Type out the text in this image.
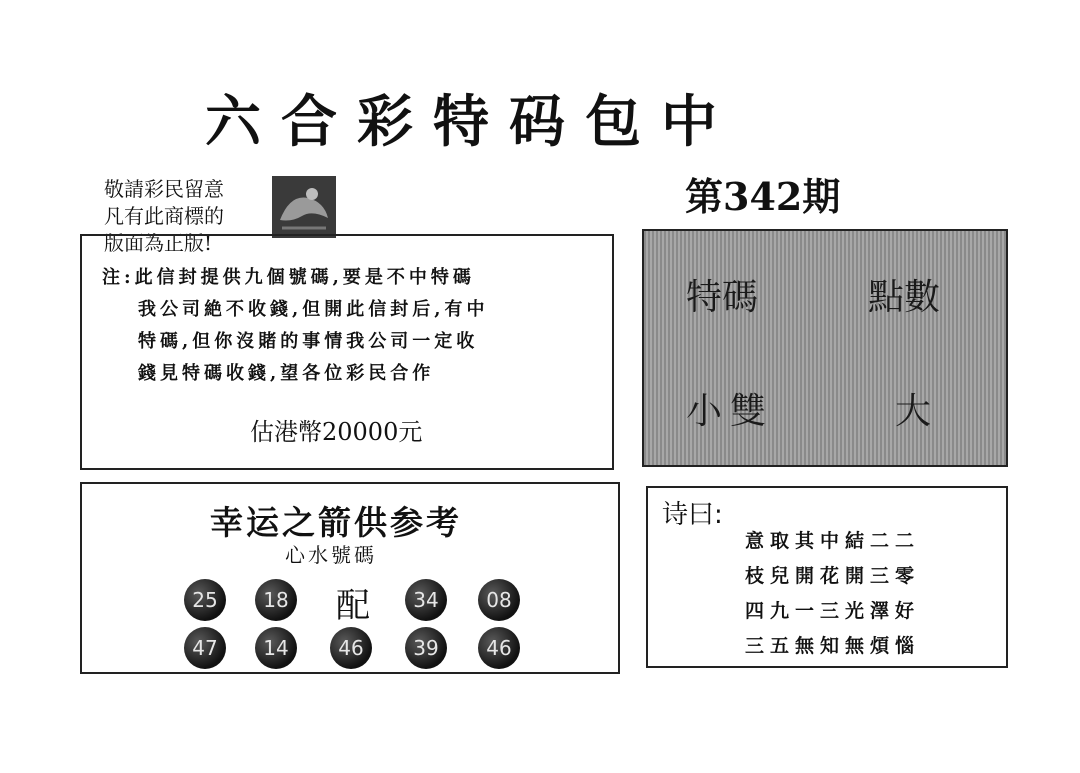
六合彩特码包中
敬請彩民留意
凡有此商標的
版面為正版!
第342期
注:此信封提供九個號碼,要是不中特碼
我公司絶不收錢,但開此信封后,有中
特碼,但你沒賭的事情我公司一定收
錢見特碼收錢,望各位彩民合作
估港幣20000元
特碼	點數
小雙	大
幸运之箭供参考
心水號碼
25	18 配	34	08
47	14	46	39	46
诗曰:
意取其中結二二
枝兒開花開三零
四九一三光澤好
三五無知無煩惱
